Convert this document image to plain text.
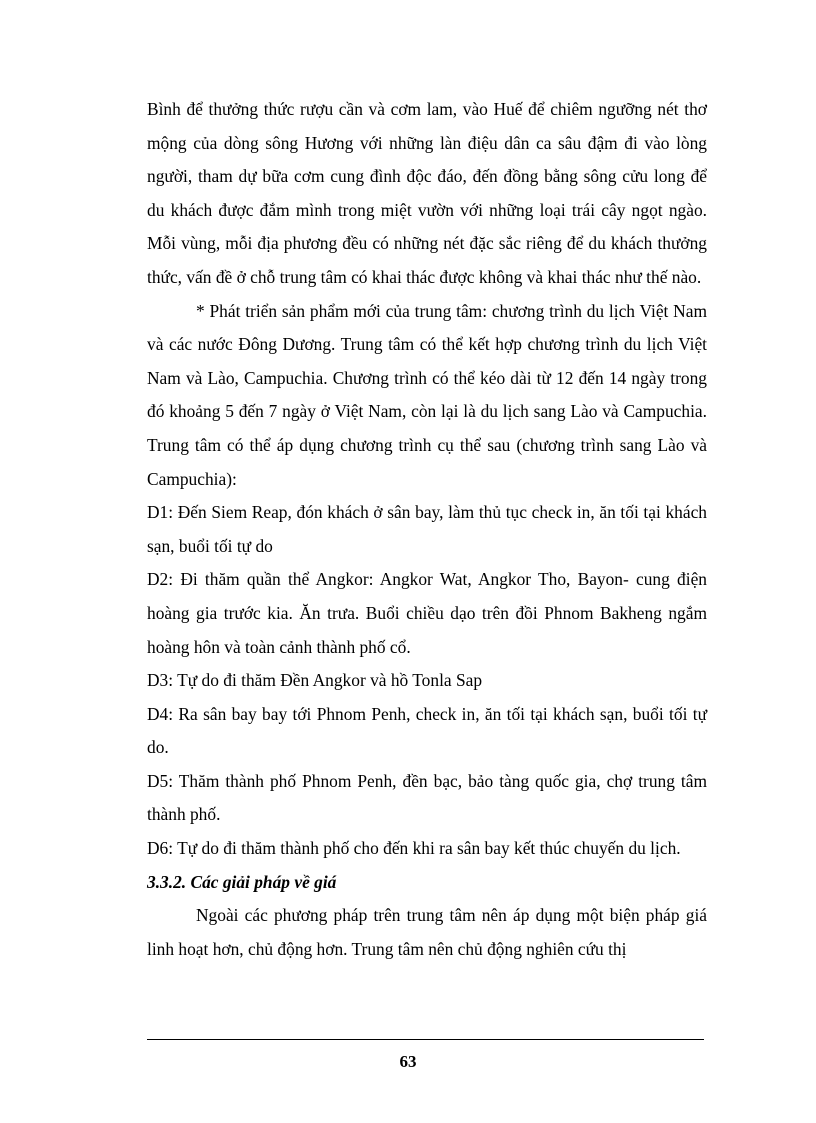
Bình để thưởng thức rượu cần và cơm lam, vào Huế để chiêm ngưỡng nét thơ mộng của dòng sông Hương với những làn điệu dân ca sâu đậm đi vào lòng người, tham dự bữa cơm cung đình độc đáo, đến đồng bằng sông cửu long để du khách được đắm mình trong miệt vườn với những loại trái cây ngọt ngào. Mỗi vùng, mỗi địa phương đều có những nét đặc sắc riêng để du khách thưởng thức, vấn đề ở chỗ trung tâm có khai thác được không và khai thác như thế nào.

* Phát triển sản phẩm mới của trung tâm: chương trình du lịch Việt Nam và các nước Đông Dương. Trung tâm có thể kết hợp chương trình du lịch Việt Nam và Lào, Campuchia. Chương trình có thể kéo dài từ 12 đến 14 ngày trong đó khoảng 5 đến 7 ngày ở Việt Nam, còn lại là du lịch sang Lào và Campuchia. Trung tâm có thể áp dụng chương trình cụ thể sau (chương trình sang Lào và Campuchia):

D1: Đến Siem Reap, đón khách ở sân bay, làm thủ tục check in, ăn tối tại khách sạn, buổi tối tự do

D2: Đi thăm quần thể Angkor: Angkor Wat, Angkor Tho, Bayon- cung điện hoàng gia trước kia. Ăn trưa. Buổi chiều dạo trên đồi Phnom Bakheng ngắm hoàng hôn và toàn cảnh thành phố cổ.

D3: Tự do đi thăm Đền Angkor và hồ Tonla Sap

D4: Ra sân bay bay tới Phnom Penh, check in, ăn tối tại khách sạn, buổi tối tự do.

D5: Thăm thành phố Phnom Penh, đền bạc, bảo tàng quốc gia, chợ trung tâm thành phố.

D6: Tự do đi thăm thành phố cho đến khi ra sân bay kết thúc chuyến du lịch.

3.3.2. Các giải pháp về giá

Ngoài các phương pháp trên trung tâm nên áp dụng một biện pháp giá linh hoạt hơn, chủ động hơn. Trung tâm nên chủ động nghiên cứu thị

63
